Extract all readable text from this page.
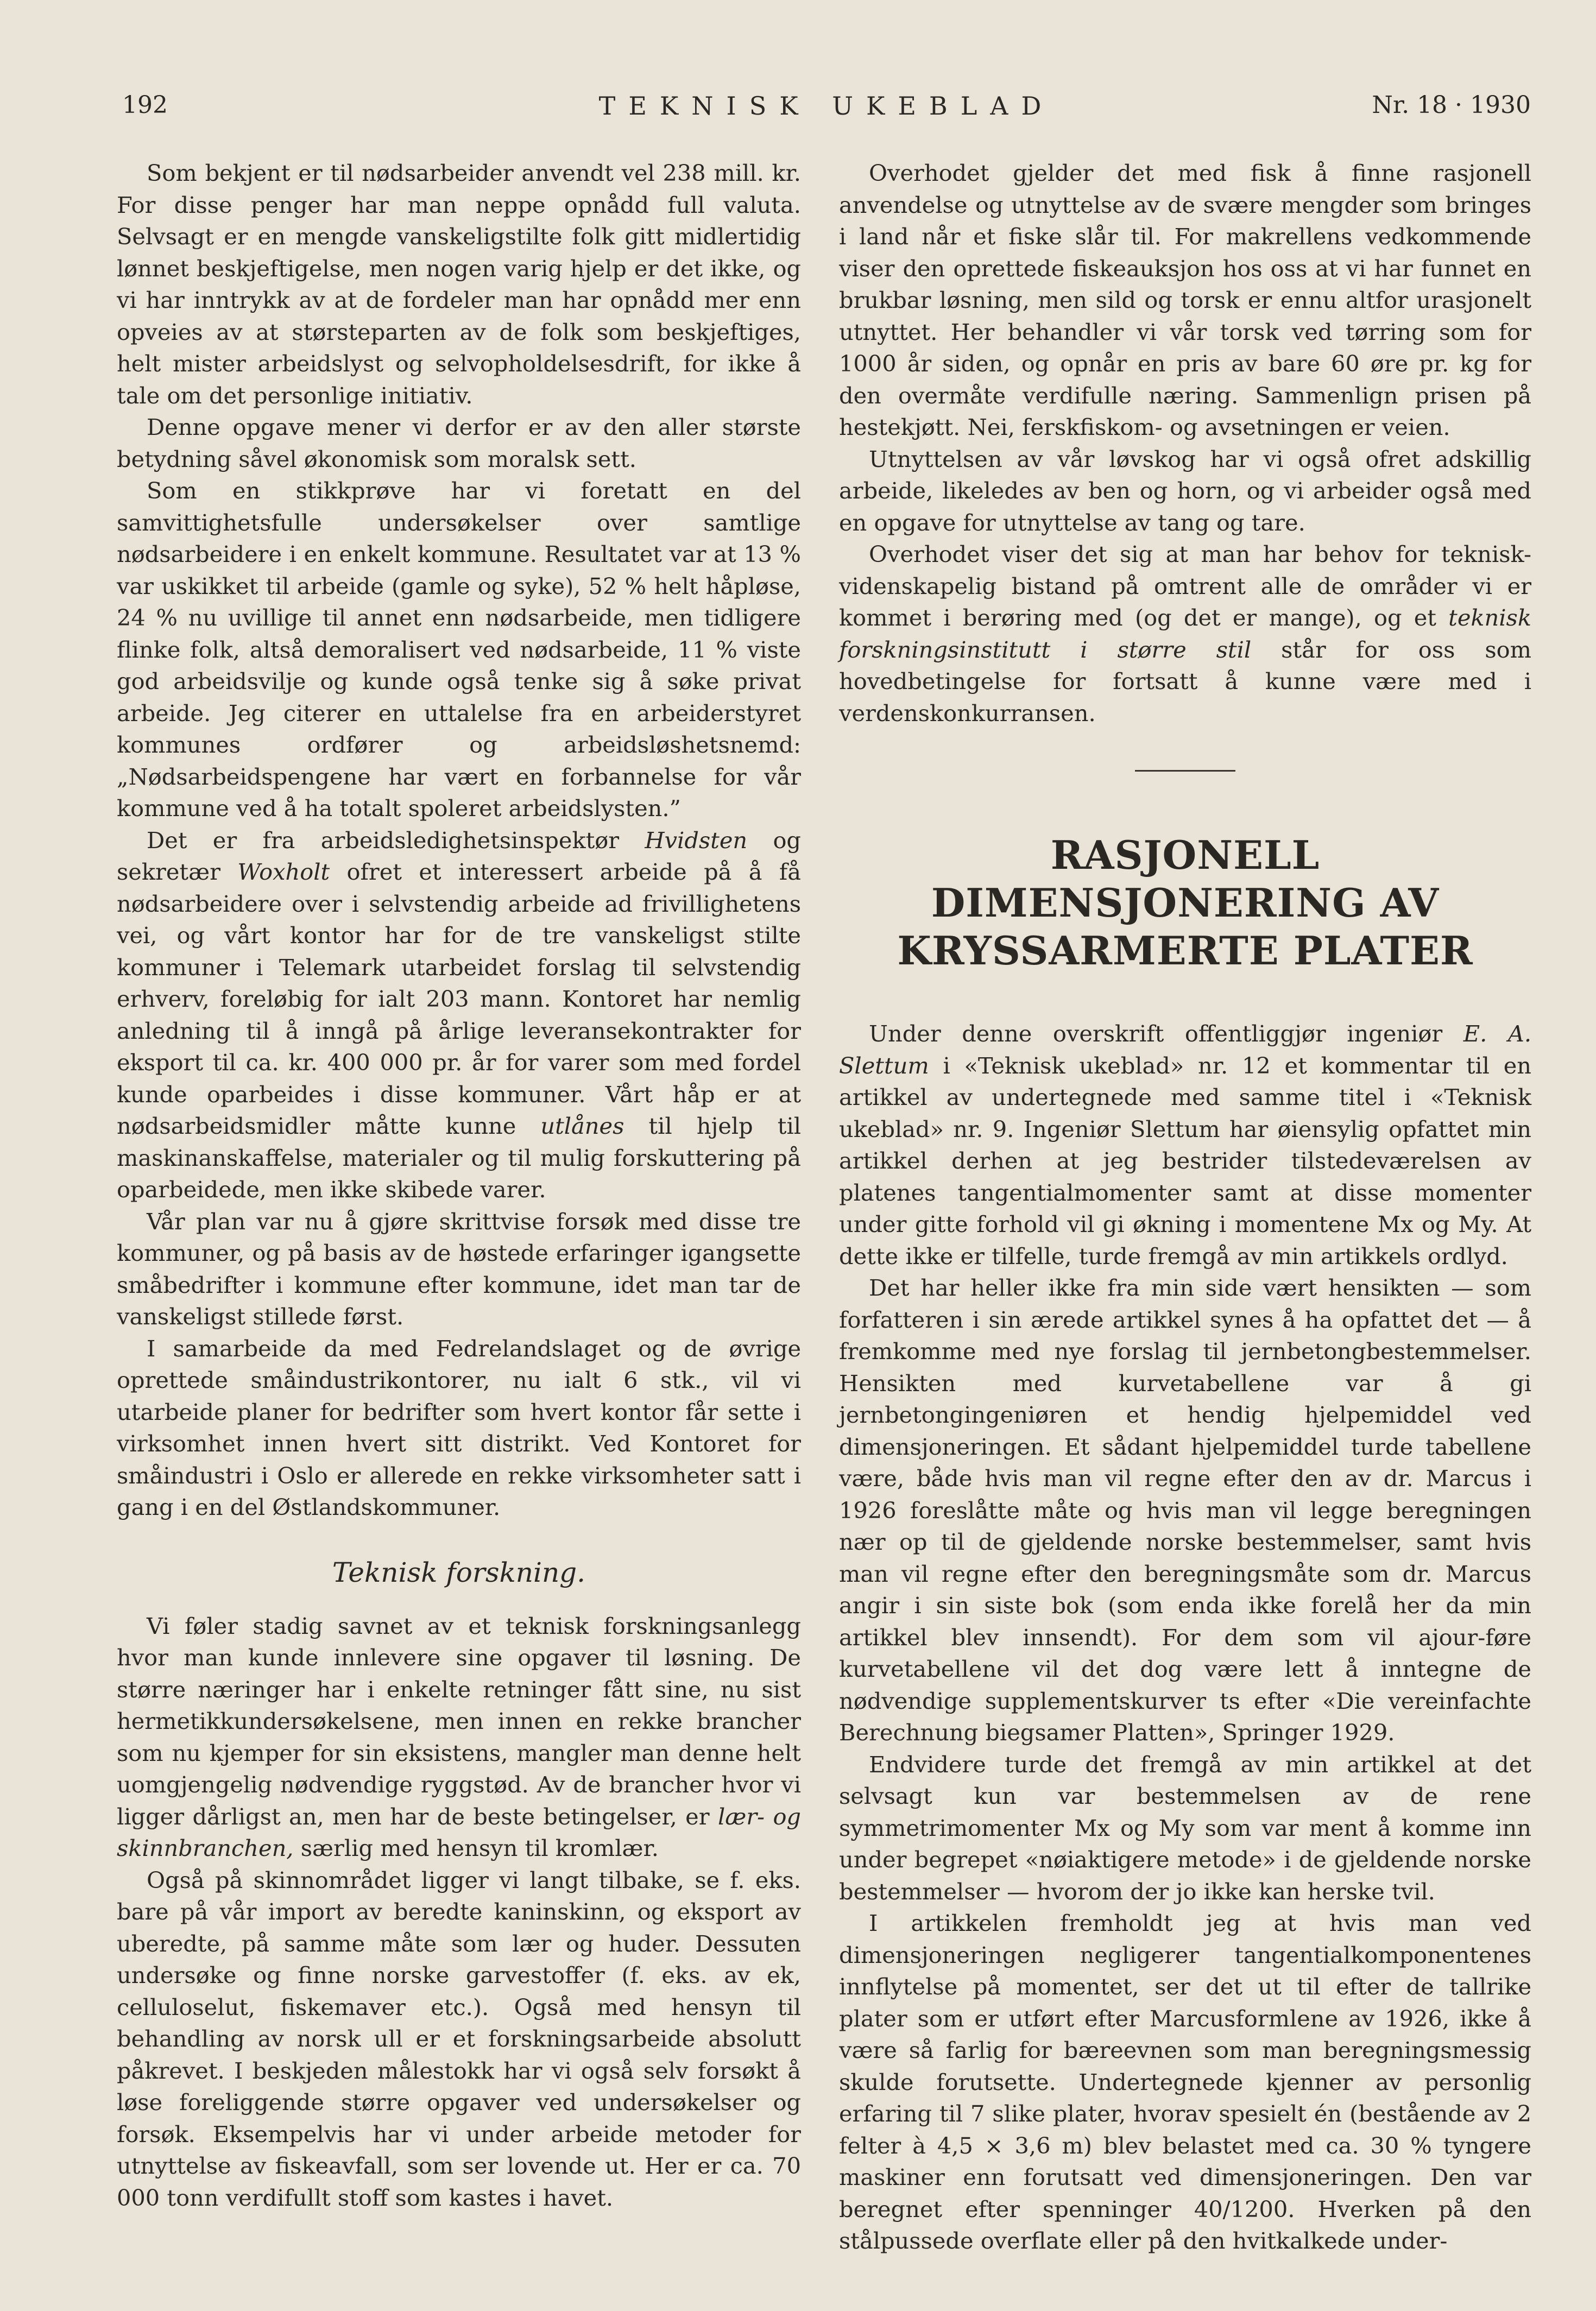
192	TEKNISK UKEBLAD	Nr. 18 · 1930

Som bekjent er til nødsarbeider anvendt vel 238 mill. kr. For disse penger har man neppe opnådd full valuta. Selvsagt er en mengde vanskeligstilte folk gitt midlertidig lønnet beskjeftigelse, men nogen varig hjelp er det ikke, og vi har inntrykk av at de fordeler man har opnådd mer enn opveies av at størsteparten av de folk som beskjeftiges, helt mister arbeidslyst og selvopholdelsesdrift, for ikke å tale om det personlige initiativ.

Denne opgave mener vi derfor er av den aller største betydning såvel økonomisk som moralsk sett.

Som en stikkprøve har vi foretatt en del samvittighetsfulle undersøkelser over samtlige nødsarbeidere i en enkelt kommune. Resultatet var at 13 % var uskikket til arbeide (gamle og syke), 52 % helt håpløse, 24 % nu uvillige til annet enn nødsarbeide, men tidligere flinke folk, altså demoralisert ved nødsarbeide, 11 % viste god arbeidsvilje og kunde også tenke sig å søke privat arbeide. Jeg citerer en uttalelse fra en arbeiderstyret kommunes ordfører og arbeidsløshetsnemd: „Nødsarbeidspengene har vært en forbannelse for vår kommune ved å ha totalt spoleret arbeidslysten.”

Det er fra arbeidsledighetsinspektør Hvidsten og sekretær Woxholt ofret et interessert arbeide på å få nødsarbeidere over i selvstendig arbeide ad frivillighetens vei, og vårt kontor har for de tre vanskeligst stilte kommuner i Telemark utarbeidet forslag til selvstendig erhverv, foreløbig for ialt 203 mann. Kontoret har nemlig anledning til å inngå på årlige leveransekontrakter for eksport til ca. kr. 400 000 pr. år for varer som med fordel kunde oparbeides i disse kommuner. Vårt håp er at nødsarbeidsmidler måtte kunne utlånes til hjelp til maskinanskaffelse, materialer og til mulig forskuttering på oparbeidede, men ikke skibede varer.

Vår plan var nu å gjøre skrittvise forsøk med disse tre kommuner, og på basis av de høstede erfaringer igangsette småbedrifter i kommune efter kommune, idet man tar de vanskeligst stillede først.

I samarbeide da med Fedrelandslaget og de øvrige oprettede småindustrikontorer, nu ialt 6 stk., vil vi utarbeide planer for bedrifter som hvert kontor får sette i virksomhet innen hvert sitt distrikt. Ved Kontoret for småindustri i Oslo er allerede en rekke virksomheter satt i gang i en del Østlandskommuner.

Teknisk forskning.

Vi føler stadig savnet av et teknisk forskningsanlegg hvor man kunde innlevere sine opgaver til løsning. De større næringer har i enkelte retninger fått sine, nu sist hermetikkundersøkelsene, men innen en rekke brancher som nu kjemper for sin eksistens, mangler man denne helt uomgjengelig nødvendige ryggstød. Av de brancher hvor vi ligger dårligst an, men har de beste betingelser, er lær- og skinnbranchen, særlig med hensyn til kromlær.

Også på skinnområdet ligger vi langt tilbake, se f. eks. bare på vår import av beredte kaninskinn, og eksport av uberedte, på samme måte som lær og huder. Dessuten undersøke og finne norske garvestoffer (f. eks. av ek, celluloselut, fiskemaver etc.). Også med hensyn til behandling av norsk ull er et forskningsarbeide absolutt påkrevet. I beskjeden målestokk har vi også selv forsøkt å løse foreliggende større opgaver ved undersøkelser og forsøk. Eksempelvis har vi under arbeide metoder for utnyttelse av fiskeavfall, som ser lovende ut. Her er ca. 70 000 tonn verdifullt stoff som kastes i havet.

Overhodet gjelder det med fisk å finne rasjonell anvendelse og utnyttelse av de svære mengder som bringes i land når et fiske slår til. For makrellens vedkommende viser den oprettede fiskeauksjon hos oss at vi har funnet en brukbar løsning, men sild og torsk er ennu altfor urasjonelt utnyttet. Her behandler vi vår torsk ved tørring som for 1000 år siden, og opnår en pris av bare 60 øre pr. kg for den overmåte verdifulle næring. Sammenlign prisen på hestekjøtt. Nei, ferskfiskom- og avsetningen er veien.

Utnyttelsen av vår løvskog har vi også ofret adskillig arbeide, likeledes av ben og horn, og vi arbeider også med en opgave for utnyttelse av tang og tare.

Overhodet viser det sig at man har behov for teknisk-videnskapelig bistand på omtrent alle de områder vi er kommet i berøring med (og det er mange), og et teknisk forskningsinstitutt i større stil står for oss som hovedbetingelse for fortsatt å kunne være med i verdenskonkurransen.

RASJONELL DIMENSJONERING AV KRYSSARMERTE PLATER

Under denne overskrift offentliggjør ingeniør E. A. Slettum i «Teknisk ukeblad» nr. 12 et kommentar til en artikkel av undertegnede med samme titel i «Teknisk ukeblad» nr. 9. Ingeniør Slettum har øiensylig opfattet min artikkel derhen at jeg bestrider tilstedeværelsen av platenes tangentialmomenter samt at disse momenter under gitte forhold vil gi økning i momentene Mx og My. At dette ikke er tilfelle, turde fremgå av min artikkels ordlyd.

Det har heller ikke fra min side vært hensikten — som forfatteren i sin ærede artikkel synes å ha opfattet det — å fremkomme med nye forslag til jernbetongbestemmelser. Hensikten med kurvetabellene var å gi jernbetongingeniøren et hendig hjelpemiddel ved dimensjoneringen. Et sådant hjelpemiddel turde tabellene være, både hvis man vil regne efter den av dr. Marcus i 1926 foreslåtte måte og hvis man vil legge beregningen nær op til de gjeldende norske bestemmelser, samt hvis man vil regne efter den beregningsmåte som dr. Marcus angir i sin siste bok (som enda ikke forelå her da min artikkel blev innsendt). For dem som vil ajour-føre kurvetabellene vil det dog være lett å inntegne de nødvendige supplementskurver ts efter «Die vereinfachte Berechnung biegsamer Platten», Springer 1929.

Endvidere turde det fremgå av min artikkel at det selvsagt kun var bestemmelsen av de rene symmetrimomenter Mx og My som var ment å komme inn under begrepet «nøiaktigere metode» i de gjeldende norske bestemmelser — hvorom der jo ikke kan herske tvil.

I artikkelen fremholdt jeg at hvis man ved dimensjoneringen negligerer tangentialkomponentenes innflytelse på momentet, ser det ut til efter de tallrike plater som er utført efter Marcusformlene av 1926, ikke å være så farlig for bæreevnen som man beregningsmessig skulde forutsette. Undertegnede kjenner av personlig erfaring til 7 slike plater, hvorav spesielt én (bestående av 2 felter à 4,5 × 3,6 m) blev belastet med ca. 30 % tyngere maskiner enn forutsatt ved dimensjoneringen. Den var beregnet efter spenninger 40/1200. Hverken på den stålpussede overflate eller på den hvitkalkede under-
